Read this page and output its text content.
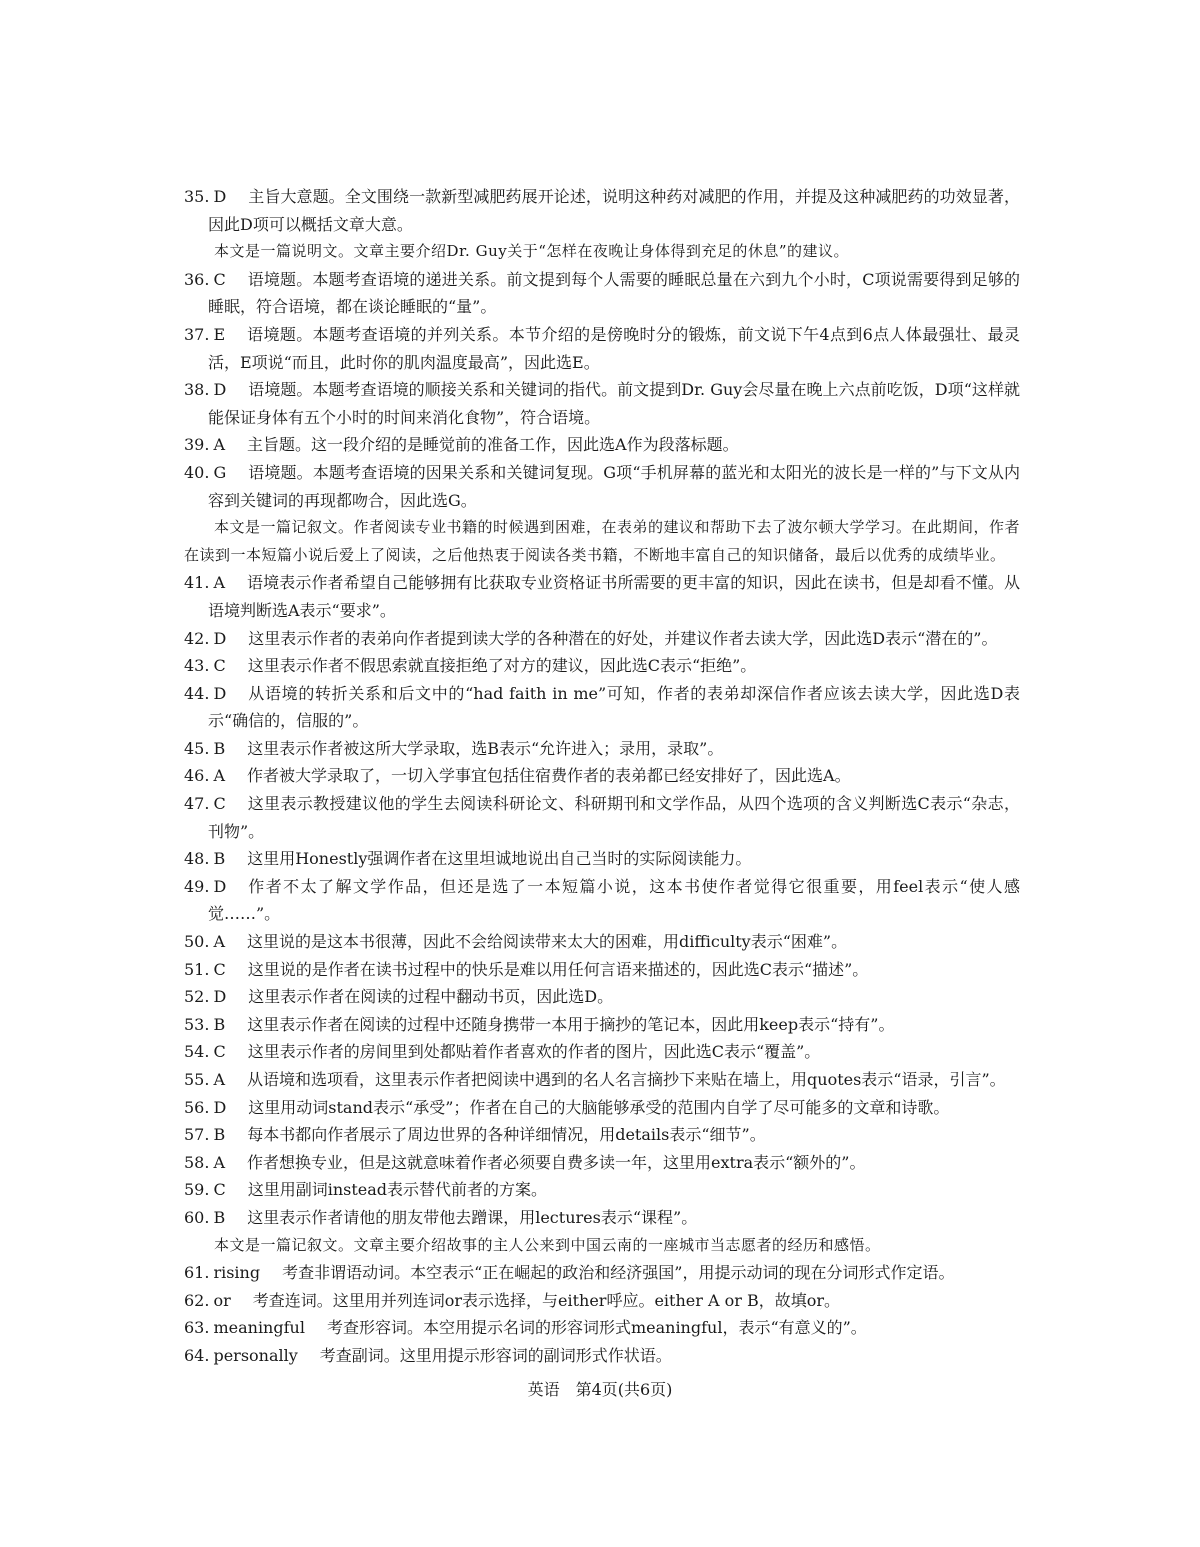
35. D 主旨大意题。全文围绕一款新型减肥药展开论述，说明这种药对减肥的作用，并提及这种减肥药的功效显著，因此D项可以概括文章大意。
本文是一篇说明文。文章主要介绍Dr. Guy关于“怎样在夜晚让身体得到充足的休息”的建议。
36. C 语境题。本题考查语境的递进关系。前文提到每个人需要的睡眠总量在六到九个小时，C项说需要得到足够的睡眠，符合语境，都在谈论睡眠的“量”。
37. E 语境题。本题考查语境的并列关系。本节介绍的是傍晚时分的锻炼，前文说下午4点到6点人体最强壮、最灵活，E项说“而且，此时你的肌肉温度最高”，因此选E。
38. D 语境题。本题考查语境的顺接关系和关键词的指代。前文提到Dr. Guy会尽量在晚上六点前吃饭，D项“这样就能保证身体有五个小时的时间来消化食物”，符合语境。
39. A 主旨题。这一段介绍的是睡觉前的准备工作，因此选A作为段落标题。
40. G 语境题。本题考查语境的因果关系和关键词复现。G项“手机屏幕的蓝光和太阳光的波长是一样的”与下文从内容到关键词的再现都吻合，因此选G。
本文是一篇记叙文。作者阅读专业书籍的时候遇到困难，在表弟的建议和帮助下去了波尔顿大学学习。在此期间，作者在读到一本短篇小说后爱上了阅读，之后他热衷于阅读各类书籍，不断地丰富自己的知识储备，最后以优秀的成绩毕业。
41. A 语境表示作者希望自己能够拥有比获取专业资格证书所需要的更丰富的知识，因此在读书，但是却看不懂。从语境判断选A表示“要求”。
42. D 这里表示作者的表弟向作者提到读大学的各种潜在的好处，并建议作者去读大学，因此选D表示“潜在的”。
43. C 这里表示作者不假思索就直接拒绝了对方的建议，因此选C表示“拒绝”。
44. D 从语境的转折关系和后文中的“had faith in me”可知，作者的表弟却深信作者应该去读大学，因此选D表示“确信的，信服的”。
45. B 这里表示作者被这所大学录取，选B表示“允许进入；录用，录取”。
46. A 作者被大学录取了，一切入学事宜包括住宿费作者的表弟都已经安排好了，因此选A。
47. C 这里表示教授建议他的学生去阅读科研论文、科研期刊和文学作品，从四个选项的含义判断选C表示“杂志，刊物”。
48. B 这里用Honestly强调作者在这里坦诚地说出自己当时的实际阅读能力。
49. D 作者不太了解文学作品，但还是选了一本短篇小说，这本书使作者觉得它很重要，用feel表示“使人感觉……”。
50. A 这里说的是这本书很薄，因此不会给阅读带来太大的困难，用difficulty表示“困难”。
51. C 这里说的是作者在读书过程中的快乐是难以用任何言语来描述的，因此选C表示“描述”。
52. D 这里表示作者在阅读的过程中翻动书页，因此选D。
53. B 这里表示作者在阅读的过程中还随身携带一本用于摘抄的笔记本，因此用keep表示“持有”。
54. C 这里表示作者的房间里到处都贴着作者喜欢的作者的图片，因此选C表示“覆盖”。
55. A 从语境和选项看，这里表示作者把阅读中遇到的名人名言摘抄下来贴在墙上，用quotes表示“语录，引言”。
56. D 这里用动词stand表示“承受”；作者在自己的大脑能够承受的范围内自学了尽可能多的文章和诗歌。
57. B 每本书都向作者展示了周边世界的各种详细情况，用details表示“细节”。
58. A 作者想换专业，但是这就意味着作者必须要自费多读一年，这里用extra表示“额外的”。
59. C 这里用副词instead表示替代前者的方案。
60. B 这里表示作者请他的朋友带他去蹭课，用lectures表示“课程”。
本文是一篇记叙文。文章主要介绍故事的主人公来到中国云南的一座城市当志愿者的经历和感悟。
61. rising 考查非谓语动词。本空表示“正在崛起的政治和经济强国”，用提示动词的现在分词形式作定语。
62. or 考查连词。这里用并列连词or表示选择，与either呼应。either A or B，故填or。
63. meaningful 考查形容词。本空用提示名词的形容词形式meaningful，表示“有意义的”。
64. personally 考查副词。这里用提示形容词的副词形式作状语。
英语　第4页(共6页)
